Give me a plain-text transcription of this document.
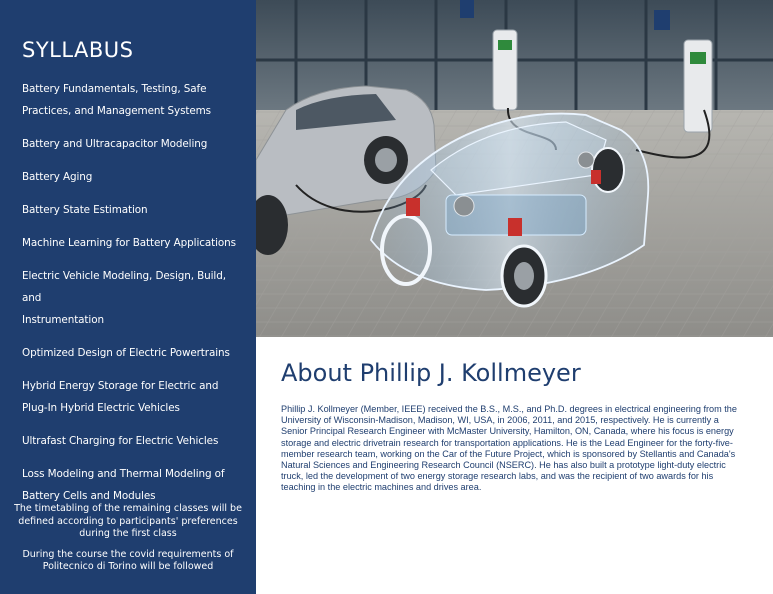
SYLLABUS
Battery Fundamentals, Testing, Safe
Practices, and Management Systems
Battery and Ultracapacitor Modeling
Battery Aging
Battery State Estimation
Machine Learning for Battery Applications
Electric Vehicle Modeling, Design, Build, and
Instrumentation
Optimized Design of Electric Powertrains
Hybrid Energy Storage for Electric and
Plug-In Hybrid Electric Vehicles
Ultrafast Charging for Electric Vehicles
Loss Modeling and Thermal Modeling of
Battery Cells and Modules

The timetabling of the remaining classes will be defined according to participants' preferences during the first class

During the course the covid requirements of Politecnico di Torino will be followed

About Phillip J. Kollmeyer

Phillip J. Kollmeyer (Member, IEEE) received the B.S., M.S., and Ph.D. degrees in electrical engineering from the University of Wisconsin-Madison, Madison, WI, USA, in 2006, 2011, and 2015, respectively. He is currently a Senior Principal Research Engineer with McMaster University, Hamilton, ON, Canada, where his focus is energy storage and electric drivetrain research for transportation applications. He is the Lead Engineer for the forty-five-member research team, working on the Car of the Future Project, which is sponsored by Stellantis and Canada's Natural Sciences and Engineering Research Council (NSERC). He has also built a prototype light-duty electric truck, led the development of two energy storage research labs, and was the recipient of two awards for his teaching in the electric machines and drives area.
